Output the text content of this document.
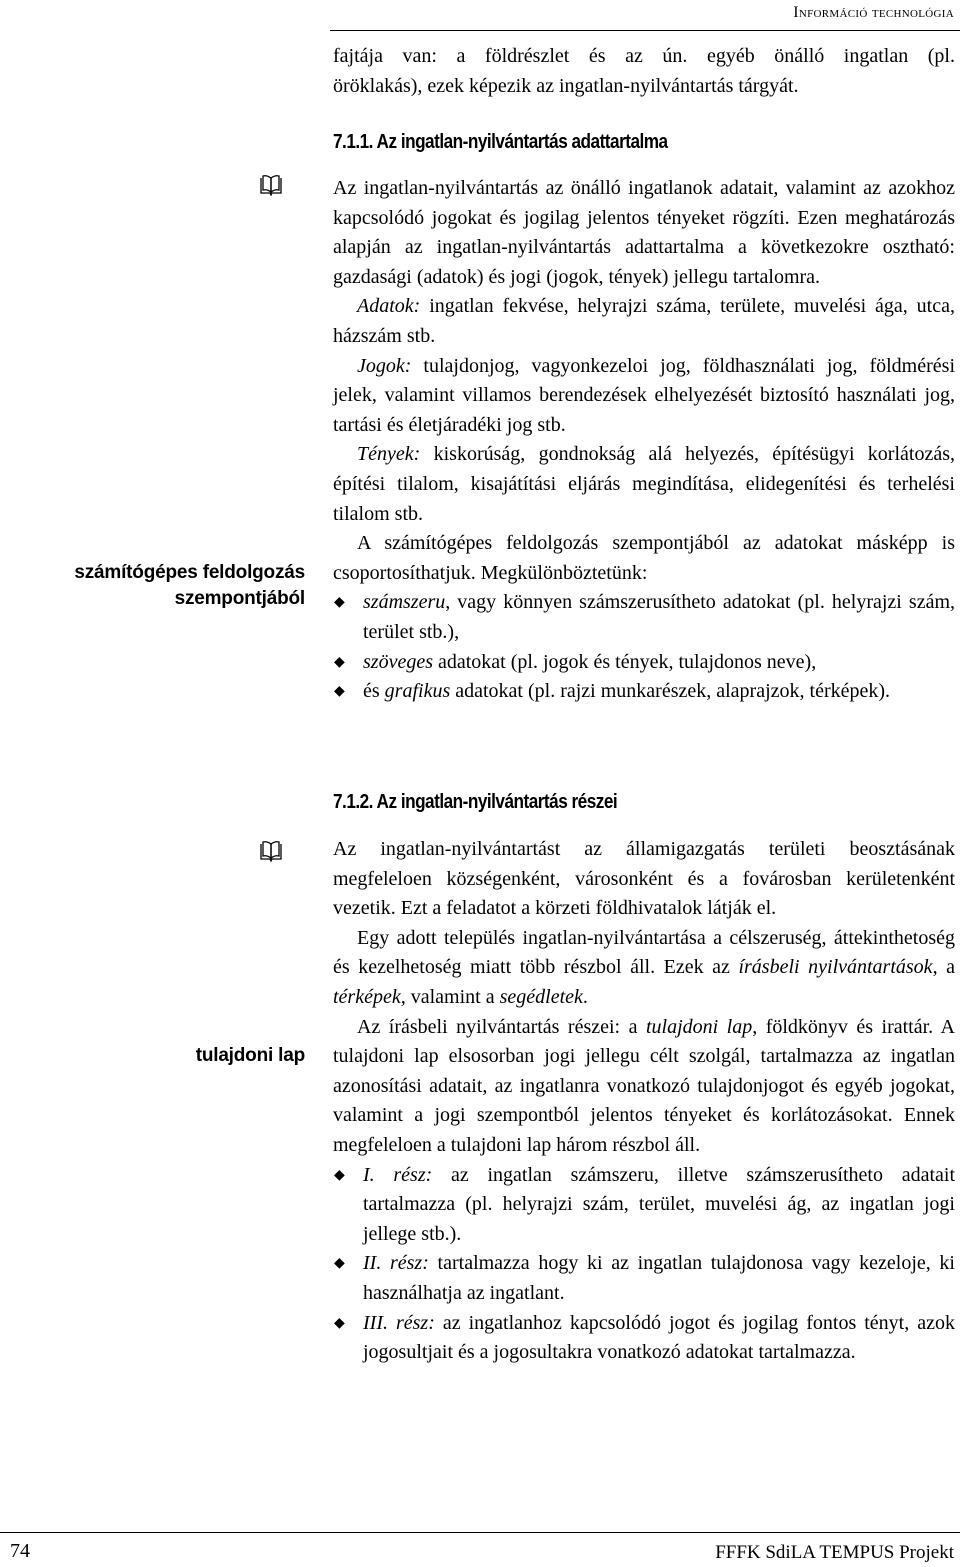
Információ technológia

fajtája van: a földrészlet és az ún. egyéb önálló ingatlan (pl.

öröklakás), ezek képezik az ingatlan-nyilvántartás tárgyát.

7.1.1. Az ingatlan-nyilvántartás adattartalma

Az ingatlan-nyilvántartás az önálló ingatlanok adatait, valamint az azokhoz kapcsolódó jogokat és jogilag jelentos tényeket rögzíti. Ezen meghatározás alapján az ingatlan-nyilvántartás adattartalma a következokre osztható: gazdasági (adatok) és jogi (jogok, tények) jellegu tartalomra.

Adatok: ingatlan fekvése, helyrajzi száma, területe, muvelési ága, utca, házszám stb.

Jogok: tulajdonjog, vagyonkezeloi jog, földhasználati jog, földmérési jelek, valamint villamos berendezések elhelyezését biztosító használati jog, tartási és életjáradéki jog stb.

Tények: kiskorúság, gondnokság alá helyezés, építésügyi korlátozás, építési tilalom, kisajátítási eljárás megindítása, elidegenítési és terhelési tilalom stb.

A számítógépes feldolgozás szempontjából az adatokat másképp is csoportosíthatjuk. Megkülönböztetünk:

◆ számszeru, vagy könnyen számszerusítheto adatokat (pl. helyrajzi szám, terület stb.),
◆ szöveges adatokat (pl. jogok és tények, tulajdonos neve),
◆ és grafikus adatokat (pl. rajzi munkarészek, alaprajzok, térképek).
számítógépes feldolgozás
szempontjából
7.1.2. Az ingatlan-nyilvántartás részei

Az ingatlan-nyilvántartást az államigazgatás területi beosztásának megfeleloen községenként, városonként és a fovárosban kerületenként vezetik. Ezt a feladatot a körzeti földhivatalok látják el.

Egy adott település ingatlan-nyilvántartása a célszeruség, áttekinthetoség és kezelhetoség miatt több részbol áll. Ezek az írásbeli nyilvántartások, a térképek, valamint a segédletek.

Az írásbeli nyilvántartás részei: a tulajdoni lap, földkönyv és irattár. A tulajdoni lap elsosorban jogi jellegu célt szolgál, tartalmazza az ingatlan azonosítási adatait, az ingatlanra vonatkozó tulajdonjogot és egyéb jogokat, valamint a jogi szempontból jelentos tényeket és korlátozásokat. Ennek megfeleloen a tulajdoni lap három részbol áll.

◆ I. rész: az ingatlan számszeru, illetve számszerusítheto adatait tartalmazza (pl. helyrajzi szám, terület, muvelési ág, az ingatlan jogi jellege stb.).
◆ II. rész: tartalmazza hogy ki az ingatlan tulajdonosa vagy kezeloje, ki használhatja az ingatlant.
◆ III. rész: az ingatlanhoz kapcsolódó jogot és jogilag fontos tényt, azok jogosultjait és a jogosultakra vonatkozó adatokat tartalmazza.
tulajdoni lap
74	FFFK SdiLA TEMPUS Projekt
